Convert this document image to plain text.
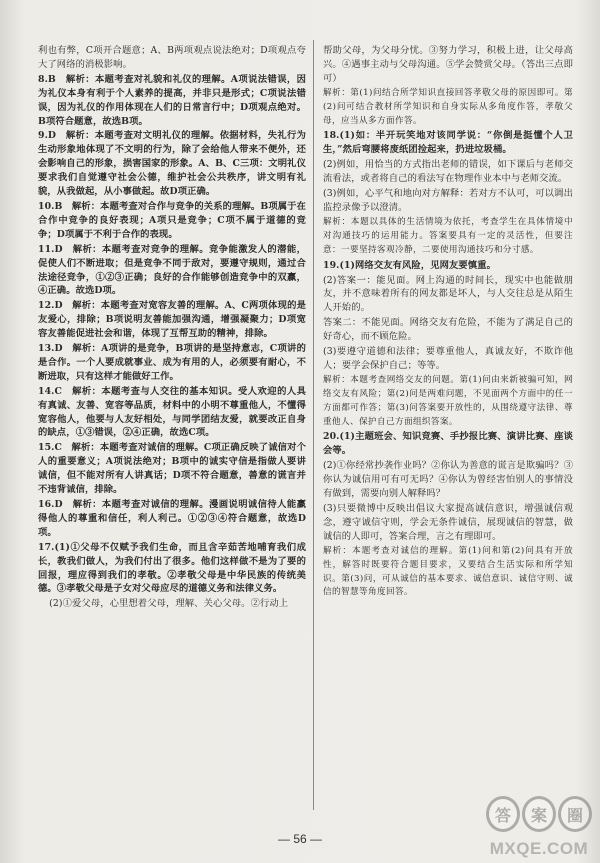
利也有弊，C项开合题意；A、B两项观点说法绝对；D项观点夸大了网络的消极影响。

8.B　解析：本题考查对礼貌和礼仪的理解。A项说法错误，因为礼仪本身有利于个人素养的提高，并非只是形式；C项说法错误，因为礼仪的作用体现在人们的日常言行中；D项观点绝对。B项符合题意，故选B项。

9.D　解析：本题考查对文明礼仪的理解。依据材料，失礼行为生动形象地体现了不文明的行为，除了会给他人带来不便外，还会影响自己的形象，损害国家的形象。A、B、C三项：文明礼仪要求我们自觉遵守社会公德，维护社会公共秩序，讲文明有礼貌，从我做起，从小事做起。故D项正确。

10.B　解析：本题考查对合作与竞争的关系的理解。B项属于在合作中竞争的良好表现；A项只是竞争；C项不属于道德的竞争；D项属于不利于合作的表现。

11.D　解析：本题考查对竞争的理解。竞争能激发人的潜能，促使人们不断进取；但是竞争不同于敌对，要遵守规则，通过合法途径竞争，①②③正确；良好的合作能够创造竞争中的双赢，④正确。故选D项。

12.D　解析：本题考查对宽容友善的理解。A、C两项体现的是友爱心，排除；B项说明友善能加强沟通，增强凝聚力；D项宽容友善能促进社会和谐，体现了互帮互助的精神，排除。

13.D　解析：A项讲的是竞争，B项讲的是坚持意志，C项讲的是合作。一个人要成就事业、成为有用的人，必须要有耐心，不断进取，只有这样才能做好工作。

14.C　解析：本题考查与人交往的基本知识。受人欢迎的人具有真诚、友善、宽容等品质，材料中的小明不尊重他人，不懂得宽容他人，他要与人友好相处，与同学团结友爱，就要改正自身的缺点，①③错误，②④正确，故选C项。

15.C　解析：本题考查对诚信的理解。C项正确反映了诚信对个人的重要意义；A项说法绝对；B项中的诚实守信是指做人要讲诚信，但不能对所有人讲真话；D项不符合题意，善意的谎言并不违背诚信，排除。

16.D　解析：本题考查对诚信的理解。漫画说明诚信待人能赢得他人的尊重和信任，利人利己。①②③④符合题意，故选D项。

17.(1)①父母不仅赋予我们生命，而且含辛茹苦地哺育我们成长，教我们做人，为我们付出了很多。他们这样做不是为了要的回报，理应得到我们的孝敬。②孝敬父母是中华民族的传统美德。③孝敬父母是子女对父母应尽的道德义务和法律义务。

(2)①爱父母，心里想着父母，理解、关心父母。②行动上

帮助父母，为父母分忧。③努力学习，积极上进，让父母高兴。④遇事主动与父母沟通。⑤学会赞赏父母。（答出三点即可）

解析：第(1)问结合所学知识直接回答孝敬父母的原因即可。第(2)问可结合教材所学知识和自身实际从多角度作答，孝敬父母，应当从多方面作答。

18.(1)如：半开玩笑地对该同学说：“你倒是挺懂个人卫生，”然后弯腰将废纸团捡起来，扔进垃圾桶。

(2)例如，用恰当的方式指出老师的错误，如下课后与老师交流看法，或者将自己的看法写在物理作业本中与老师交流。

(3)例如，心平气和地向对方解释：若对方不认可，可以调出监控录像予以澄清。

解析：本题以具体的生活情境为依托，考查学生在具体情境中对沟通技巧的运用能力。答案要具有一定的灵活性，但要注意：一要坚持客观冷静，二要使用沟通技巧和分寸感。

19.(1)网络交友有风险，见网友要慎重。

(2)答案一：能见面。网上沟通的时间长，现实中也能做朋友，并不意味着所有的网友都是坏人，与人交往总是从陌生人开始的。

答案二：不能见面。网络交友有危险，不能为了满足自己的好奇心，而不顾危险。

(3)要遵守道德和法律；要尊重他人，真诚友好，不欺诈他人；要学会保护自己；等等。

解析：本题考查网络交友的问题。第(1)问由来新被骗可知，网络交友有风险；第(2)问是两难问题，不见面两个方面中的任一方面都可作答；第(3)问答案要开放性的，从围绕遵守法律、尊重他人、保护自己方面组织答案。

20.(1)主题班会、知识竞赛、手抄报比赛、演讲比赛、座谈会等。

(2)①你经常抄袭作业吗？②你认为善意的谎言是欺骗吗？③你认为诚信用可有可无吗？④你认为曾经害怕别人的事情没有做到，需要向别人解释吗？

(3)只要微博中反映出倡议大家提高诚信意识，增强诚信观念，遵守诚信守则，学会无条件诚信，展现诚信的智慧，做诚信的人即可，答案合理，言之有理即可。

解析：本题考查对诚信的理解。第(1)问和第(2)问具有开放性，解答时既要符合题目要求，又要结合生活实际和所学知识。第(3)问，可从诚信的基本要求、诚信意识、诚信守则、诚信的智慧等角度回答。

— 56 —
答	案	圈
MXQE.COM
